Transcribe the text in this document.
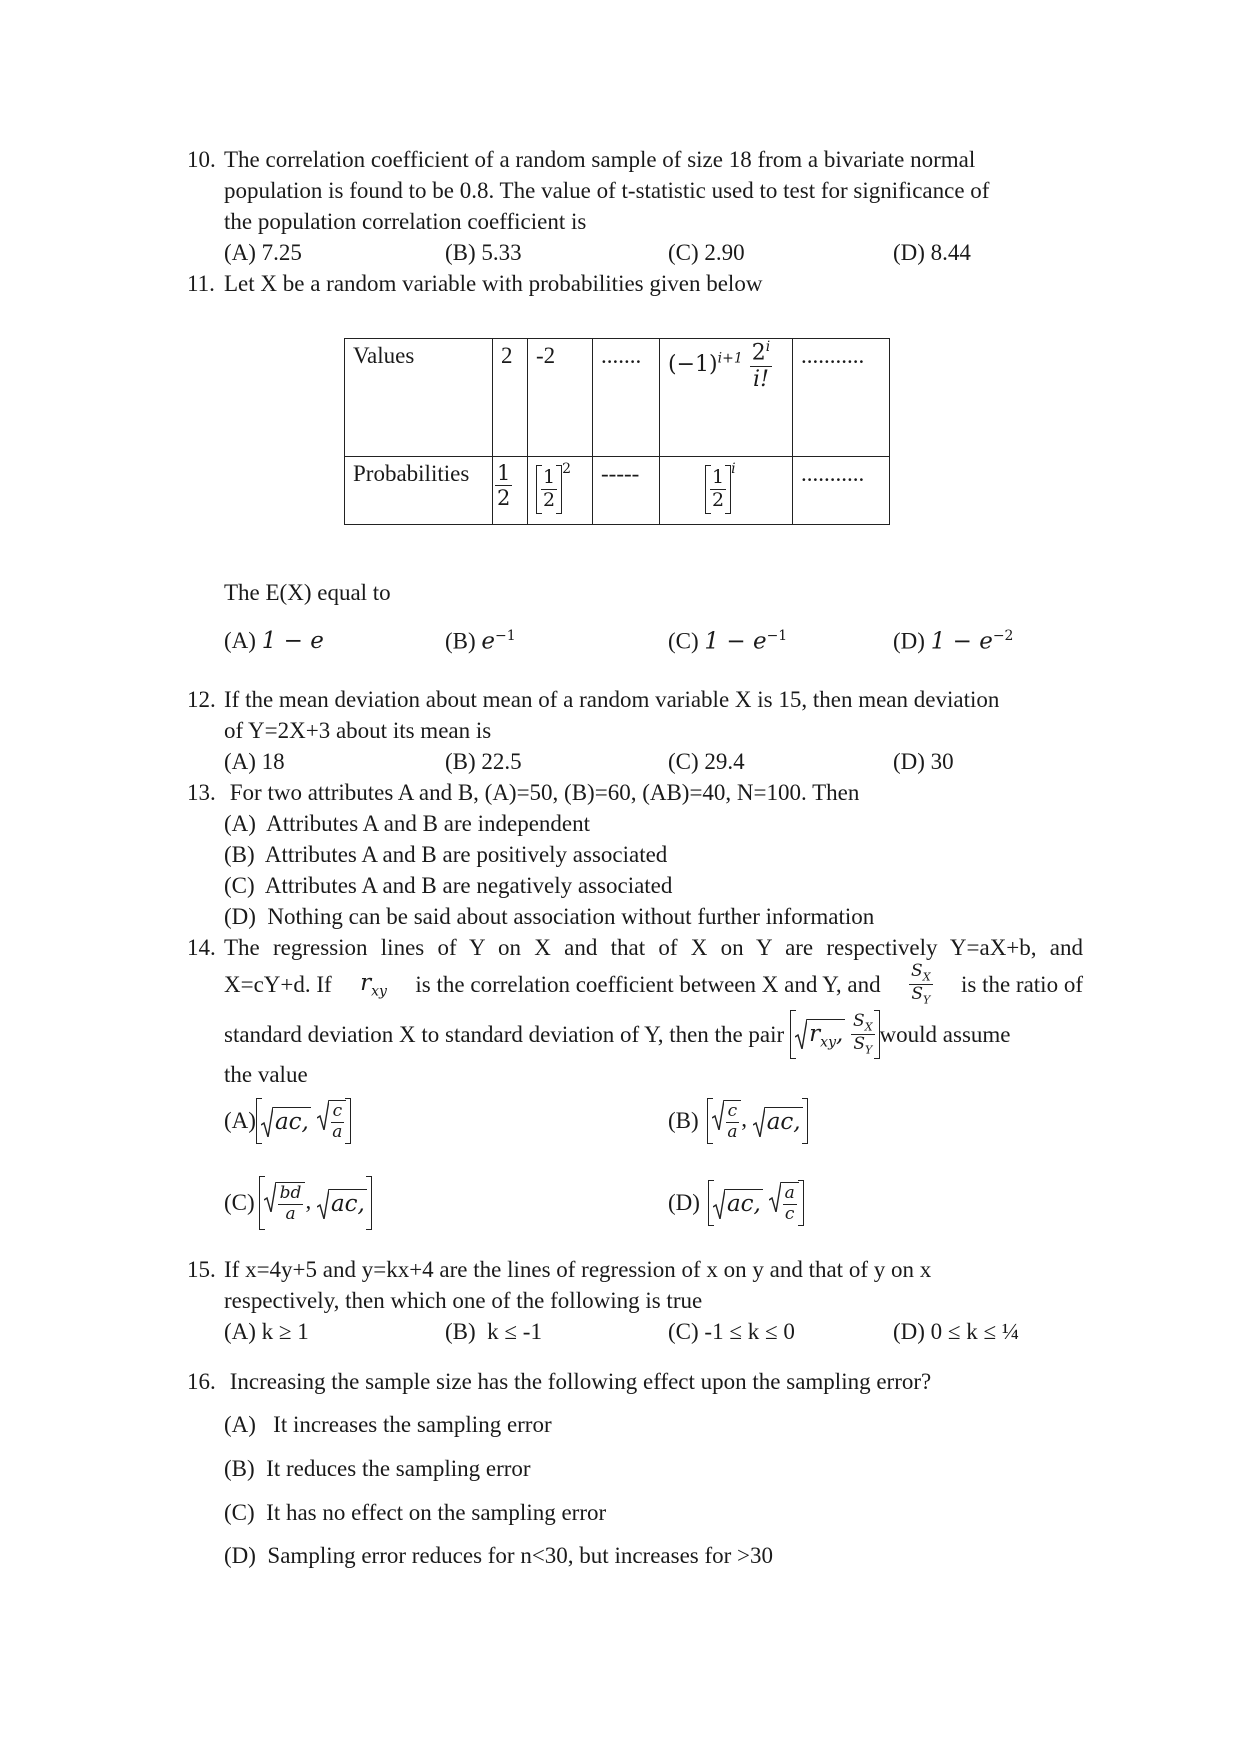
10. The correlation coefficient of a random sample of size 18 from a bivariate normal
population is found to be 0.8. The value of t-statistic used to test for significance of
the population correlation coefficient is
(A) 7.25	(B) 5.33	(C) 2.90	(D) 8.44
11. Let X be a random variable with probabilities given below
Values	2	-2	.......	$(-1)^{i+1} \frac{2^i}{i!}$	...........
Probabilities	$\frac{1}{2}$	$\frac{1}{2} ^2$	-----	$\frac{1}{2} ^i$	...........
The E(X) equal to
(A) 1 − e	(B) $e^{-1}$	(C) $1 - e^{-1}$	(D) $1 - e^{-2}$
12. If the mean deviation about mean of a random variable X is 15, then mean deviation
of Y=2X+3 about its mean is
(A) 18	(B) 22.5	(C) 29.4	(D) 30
13. For two attributes A and B, (A)=50, (B)=60, (AB)=40, N=100. Then
(A)  Attributes A and B are independent
(B)  Attributes A and B are positively associated
(C)  Attributes A and B are negatively associated
(D)  Nothing can be said about association without further information
14. The regression lines of Y on X and that of X on Y are respectively Y=aX+b, and
X=cY+d. If $r_{xy}$ is the correlation coefficient between X and Y, and $\frac{S_X}{S_Y}$ is the ratio of
standard deviation X to standard deviation of Y, then the pair	$r_{xy}$, $\frac{S_X}{S_Y}$ would assume
the value
(A) ac, $\frac{c}{a}$	$(B) \frac{c}{a}$ ,
ac,
$(C) \frac{bd}{a}$ ,
ac,	(D)	ac, $\frac{a}{c}$
15. If x=4y+5 and y=kx+4 are the lines of regression of x on y and that of y on x
respectively, then which one of the following is true
(A) k ≥ 1	(B)  k ≤ -1	(C) -1 ≤ k ≤ 0	(D) 0 ≤ k ≤ ¼
16. Increasing the sample size has the following effect upon the sampling error?
(A)   It increases the sampling error
(B)  It reduces the sampling error
(C)  It has no effect on the sampling error
(D)  Sampling error reduces for n<30, but increases for >30
